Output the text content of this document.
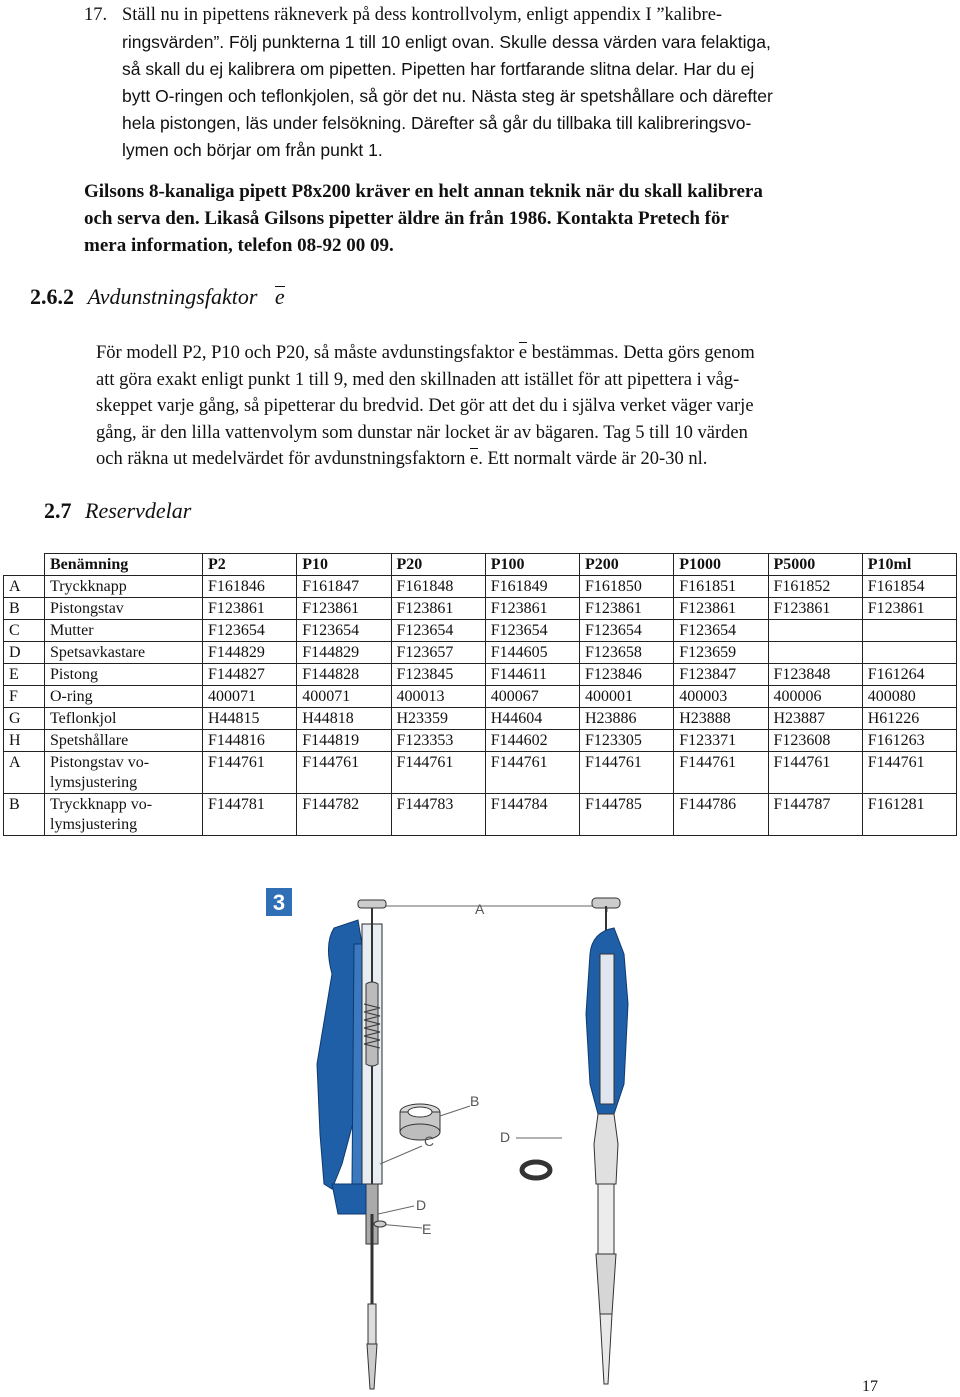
17. Ställ nu in pipettens räkneverk på dess kontrollvolym, enligt appendix I ”kalibre-
ringsvärden”. Följ punkterna 1 till 10 enligt ovan. Skulle dessa värden vara felaktiga,
så skall du ej kalibrera om pipetten. Pipetten har fortfarande slitna delar. Har du ej
bytt O-ringen och teflonkjolen, så gör det nu. Nästa steg är spetshållare och därefter
hela pistongen, läs under felsökning. Därefter så går du tillbaka till kalibreringsvo-
lymen och börjar om från punkt 1.
Gilsons 8-kanaliga pipett P8x200 kräver en helt annan teknik när du skall kalibrera
och serva den. Likaså Gilsons pipetter äldre än från 1986. Kontakta Pretech för
mera information, telefon 08-92 00 09.
2.6.2 Avdunstningsfaktor e
För modell P2, P10 och P20, så måste avdunstingsfaktor e bestämmas. Detta görs genom
att göra exakt enligt punkt 1 till 9, med den skillnaden att istället för att pipettera i våg-
skeppet varje gång, så pipetterar du bredvid. Det gör att det du i själva verket väger varje
gång, är den lilla vattenvolym som dunstar när locket är av bägaren. Tag 5 till 10 värden
och räkna ut medelvärdet för avdunstningsfaktorn e. Ett normalt värde är 20-30 nl.
2.7 Reservdelar
	Benämning	P2	P10	P20	P100	P200	P1000	P5000	P10ml
A	Tryckknapp	F161846	F161847	F161848	F161849	F161850	F161851	F161852	F161854
B	Pistongstav	F123861	F123861	F123861	F123861	F123861	F123861	F123861	F123861
C	Mutter	F123654	F123654	F123654	F123654	F123654	F123654		
D	Spetsavkastare	F144829	F144829	F123657	F144605	F123658	F123659		
E	Pistong	F144827	F144828	F123845	F144611	F123846	F123847	F123848	F161264
F	O-ring	400071	400071	400013	400067	400001	400003	400006	400080
G	Teflonkjol	H44815	H44818	H23359	H44604	H23886	H23888	H23887	H61226
H	Spetshållare	F144816	F144819	F123353	F144602	F123305	F123371	F123608	F161263
A	Pistongstav vo-
lymsjustering	F144761	F144761	F144761	F144761	F144761	F144761	F144761	F144761
B	Tryckknapp vo-
lymsjustering	F144781	F144782	F144783	F144784	F144785	F144786	F144787	F161281
3	A
B
C
D
E
D
17
